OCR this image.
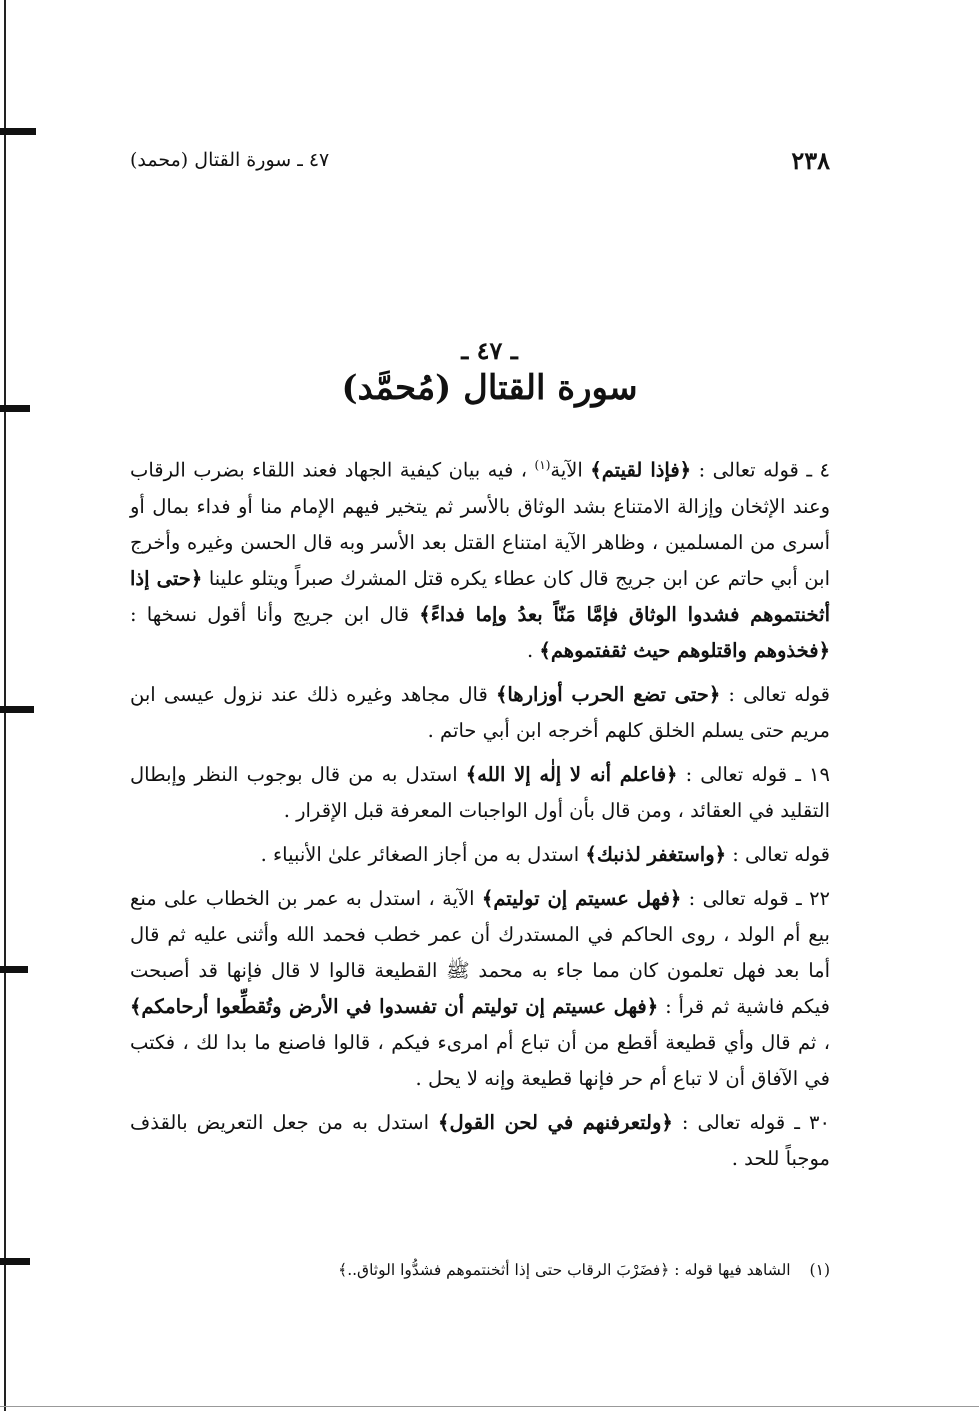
٢٣٨
٤٧ ـ سورة القتال (محمد)
ـ ٤٧ ـ
سورة القتال (مُحمَّد)

٤ ـ قوله تعالى : ﴿فإذا لقيتم﴾ الآية$^{(١)}$ ، فيه بيان كيفية الجهاد فعند اللقاء بضرب الرقاب وعند الإثخان وإزالة الامتناع بشد الوثاق بالأسر ثم يتخير فيهم الإمام منا أو فداء بمال أو أسرى من المسلمين ، وظاهر الآية امتناع القتل بعد الأسر وبه قال الحسن وغيره وأخرج ابن أبي حاتم عن ابن جريج قال كان عطاء يكره قتل المشرك صبراً ويتلو علينا ﴿حتى إذا أثخنتموهم فشدوا الوثاق فإمَّا مَنّاً بعدُ وإما فداءً﴾ قال ابن جريج وأنا أقول نسخها : ﴿فخذوهم واقتلوهم حيث ثقفتموهم﴾ .

قوله تعالى : ﴿حتى تضع الحرب أوزارها﴾ قال مجاهد وغيره ذلك عند نزول عيسى ابن مريم حتى يسلم الخلق كلهم أخرجه ابن أبي حاتم .

١٩ ـ قوله تعالى : ﴿فاعلم أنه لا إلٰه إلا الله﴾ استدل به من قال بوجوب النظر وإبطال التقليد في العقائد ، ومن قال بأن أول الواجبات المعرفة قبل الإقرار .

قوله تعالى : ﴿واستغفر لذنبك﴾ استدل به من أجاز الصغائر علىٰ الأنبياء .

٢٢ ـ قوله تعالى : ﴿فهل عسيتم إن توليتم﴾ الآية ، استدل به عمر بن الخطاب على منع بيع أم الولد ، روى الحاكم في المستدرك أن عمر خطب فحمد الله وأثنى عليه ثم قال أما بعد فهل تعلمون كان مما جاء به محمد ﷺ القطيعة قالوا لا قال فإنها قد أصبحت فيكم فاشية ثم قرأ : ﴿فهل عسيتم إن توليتم أن تفسدوا في الأرض وتُقطِّعوا أرحامكم﴾ ، ثم قال وأي قطيعة أقطع من أن تباع أم امرىء فيكم ، قالوا فاصنع ما بدا لك ، فكتب في الآفاق أن لا تباع أم حر فإنها قطيعة وإنه لا يحل .

٣٠ ـ قوله تعالى : ﴿ولتعرفنهم في لحن القول﴾ استدل به من جعل التعريض بالقذف موجباً للحد .

(١) الشاهد فيها قوله : ﴿فضَرْبَ الرقاب حتى إذا أثخنتموهم فشدُّوا الوثاق..﴾
